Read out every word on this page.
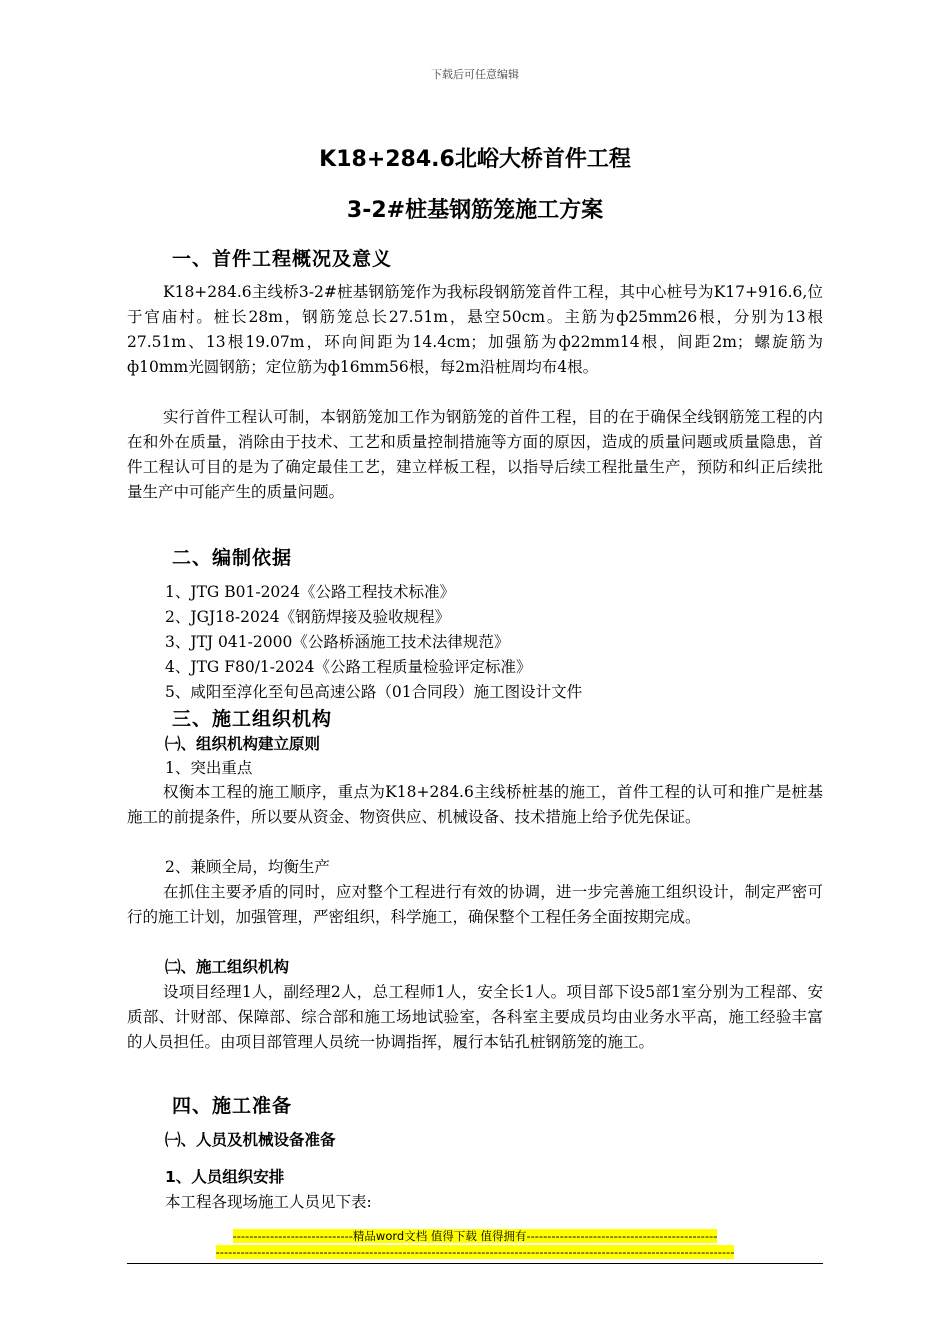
下载后可任意编辑
K18+284.6北峪大桥首件工程
3-2#桩基钢筋笼施工方案
一、首件工程概况及意义
K18+284.6主线桥3-2#桩基钢筋笼作为我标段钢筋笼首件工程，其中心桩号为K17+916.6,位于官庙村。桩长28m，钢筋笼总长27.51m，悬空50cm。主筋为ф25mm26根，分别为13根27.51m、13根19.07m，环向间距为14.4cm；加强筋为ф22mm14根，间距2m；螺旋筋为ф10mm光圆钢筋；定位筋为ф16mm56根，每2m沿桩周均布4根。
实行首件工程认可制，本钢筋笼加工作为钢筋笼的首件工程，目的在于确保全线钢筋笼工程的内在和外在质量，消除由于技术、工艺和质量控制措施等方面的原因，造成的质量问题或质量隐患，首件工程认可目的是为了确定最佳工艺，建立样板工程，以指导后续工程批量生产，预防和纠正后续批量生产中可能产生的质量问题。
二、编制依据
1、JTG B01-2024《公路工程技术标准》
2、JGJ18-2024《钢筋焊接及验收规程》
3、JTJ 041-2000《公路桥涵施工技术法律规范》
4、JTG F80/1-2024《公路工程质量检验评定标准》
5、咸阳至淳化至旬邑高速公路（01合同段）施工图设计文件
三、施工组织机构
㈠、组织机构建立原则
1、突出重点
权衡本工程的施工顺序，重点为K18+284.6主线桥桩基的施工，首件工程的认可和推广是桩基施工的前提条件，所以要从资金、物资供应、机械设备、技术措施上给予优先保证。
2、兼顾全局，均衡生产
在抓住主要矛盾的同时，应对整个工程进行有效的协调，进一步完善施工组织设计，制定严密可行的施工计划，加强管理，严密组织，科学施工，确保整个工程任务全面按期完成。
㈡、施工组织机构
设项目经理1人，副经理2人，总工程师1人，安全长1人。项目部下设5部1室分别为工程部、安质部、计财部、保障部、综合部和施工场地试验室，各科室主要成员均由业务水平高，施工经验丰富的人员担任。由项目部管理人员统一协调指挥，履行本钻孔桩钢筋笼的施工。
四、施工准备
㈠、人员及机械设备准备
1、人员组织安排
本工程各现场施工人员见下表:
-----------------------------精品word文档 值得下载 值得拥有----------------------------------------------
-----------------------------------------------------------------------------------------------------------------------------
